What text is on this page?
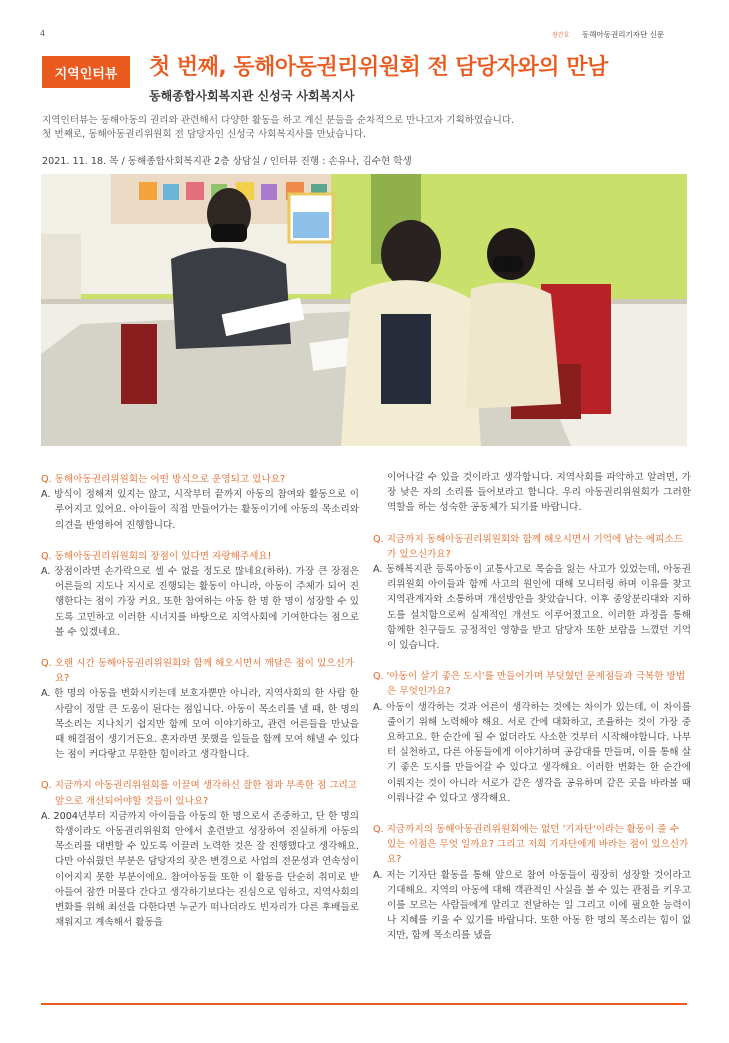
4	창간호 동해아동권리기자단 신문
지역인터뷰 첫 번째, 동해아동권리위원회 전 담당자와의 만남
동해종합사회복지관 신성국 사회복지사
지역인터뷰는 동해아동의 권리와 관련해서 다양한 활동을 하고 계신 분들을 순차적으로 만나고자 기획하였습니다.
첫 번째로, 동해아동권리위원회 전 담당자인 신성국 사회복지사를 만났습니다.
2021. 11. 18. 목 / 동해종합사회복지관 2층 상담실 / 인터뷰 진행 : 손유나, 김수현 학생
Q. 동해아동권리위원회는 어떤 방식으로 운영되고 있나요?
A. 방식이 정해져 있지는 않고, 시작부터 끝까지 아동의 참여와 활동으로 이루어지고 있어요. 아이들이 직접 만들어가는 활동이기에 아동의 목소리와 의견을 반영하여 진행합니다.
Q. 동해아동권리위원회의 장점이 있다면 자랑해주세요!
A. 장점이라면 손가락으로 셀 수 없을 정도로 많네요(하하). 가장 큰 장점은 어른들의 지도나 지시로 진행되는 활동이 아니라, 아동이 주체가 되어 진행한다는 점이 가장 커요. 또한 참여하는 아동 한 명 한 명이 성장할 수 있도록 고민하고 이러한 시너지를 바탕으로 지역사회에 기여한다는 점으로 볼 수 있겠네요.
Q. 오랜 시간 동해아동권리위원회와 함께 해오시면서 깨달은 점이 있으신가요?
A. 한 명의 아동을 변화시키는데 보호자뿐만 아니라, 지역사회의 한 사람 한 사람이 정말 큰 도움이 된다는 점입니다. 아동이 목소리를 낼 때, 한 명의 목소리는 지나치기 쉽지만 함께 모여 이야기하고, 관련 어른들을 만났을 때 해결점이 생기거든요. 혼자라면 못했을 일들을 함께 모여 해낼 수 있다는 점이 커다랗고 무한한 힘이라고 생각합니다.
Q. 지금까지 아동권리위원회를 이끌며 생각하신 잘한 점과 부족한 점 그리고 앞으로 개선되어야할 것들이 있나요?
A. 2004년부터 지금까지 아이들을 아동의 한 명으로서 존중하고, 단 한 명의 학생이라도 아동권리위원회 안에서 훈련받고 성장하여 진실하게 아동의 목소리를 대변할 수 있도록 이끌려 노력한 것은 잘 진행했다고 생각해요. 다만 아쉬웠던 부분은 담당자의 잦은 변경으로 사업의 전문성과 연속성이 이어지지 못한 부분이에요. 참여아동들 또한 이 활동을 단순히 취미로 받아들여 잠깐 머물다 간다고 생각하기보다는 진심으로 임하고, 지역사회의 변화를 위해 최선을 다한다면 누군가 떠나더라도 빈자리가 다른 후배들로 채워지고 계속해서 활동을
이어나갈 수 있을 것이라고 생각합니다. 지역사회를 파악하고 알려면, 가장 낮은 자의 소리를 들어보라고 합니다. 우리 아동권리위원회가 그러한 역할을 하는 성숙한 공동체가 되기를 바랍니다.
Q. 지금까지 동해아동권리위원회와 함께 해오시면서 기억에 남는 에피소드가 있으신가요?
A. 동해복지관 등록아동이 교통사고로 목숨을 잃는 사고가 있었는데, 아동권리위원회 아이들과 함께 사고의 원인에 대해 모니터링 하며 이유를 찾고 지역관계자와 소통하며 개선방안을 찾았습니다. 이후 중앙분리대와 지하도를 설치함으로써 실제적인 개선도 이루어졌고요. 이러한 과정을 통해 함께한 친구들도 긍정적인 영향을 받고 담당자 또한 보람을 느꼈던 기억이 있습니다.
Q. '아동이 살기 좋은 도시'를 만들어가며 부딪혔던 문제점들과 극복한 방법은 무엇인가요?
A. 아동이 생각하는 것과 어른이 생각하는 것에는 차이가 있는데, 이 차이를 줄이기 위해 노력해야 해요. 서로 간에 대화하고, 조율하는 것이 가장 중요하고요. 한 순간에 될 수 없더라도 사소한 것부터 시작해야합니다. 나부터 실천하고, 다른 아동들에게 이야기하며 공감대를 만들며, 이를 통해 살기 좋은 도시를 만들어갈 수 있다고 생각해요. 이러한 변화는 한 순간에 이뤄지는 것이 아니라 서로가 같은 생각을 공유하며 같은 곳을 바라볼 때 이뤄나갈 수 있다고 생각해요.
Q. 지금까지의 동해아동권리위원회에는 없던 '기자단'이라는 활동이 줄 수 있는 이점은 무엇 일까요? 그리고 저희 기자단에게 바라는 점이 있으신가요?
A. 저는 기자단 활동을 통해 앞으로 참여 아동들이 굉장히 성장할 것이라고 기대해요. 지역의 아동에 대해 객관적인 사실을 볼 수 있는 관점을 키우고 이를 모르는 사람들에게 알리고 전달하는 일 그리고 이에 필요한 능력이나 지혜를 키울 수 있기를 바랍니다. 또한 아동 한 명의 목소리는 힘이 없지만, 함께 목소리를 냈을
